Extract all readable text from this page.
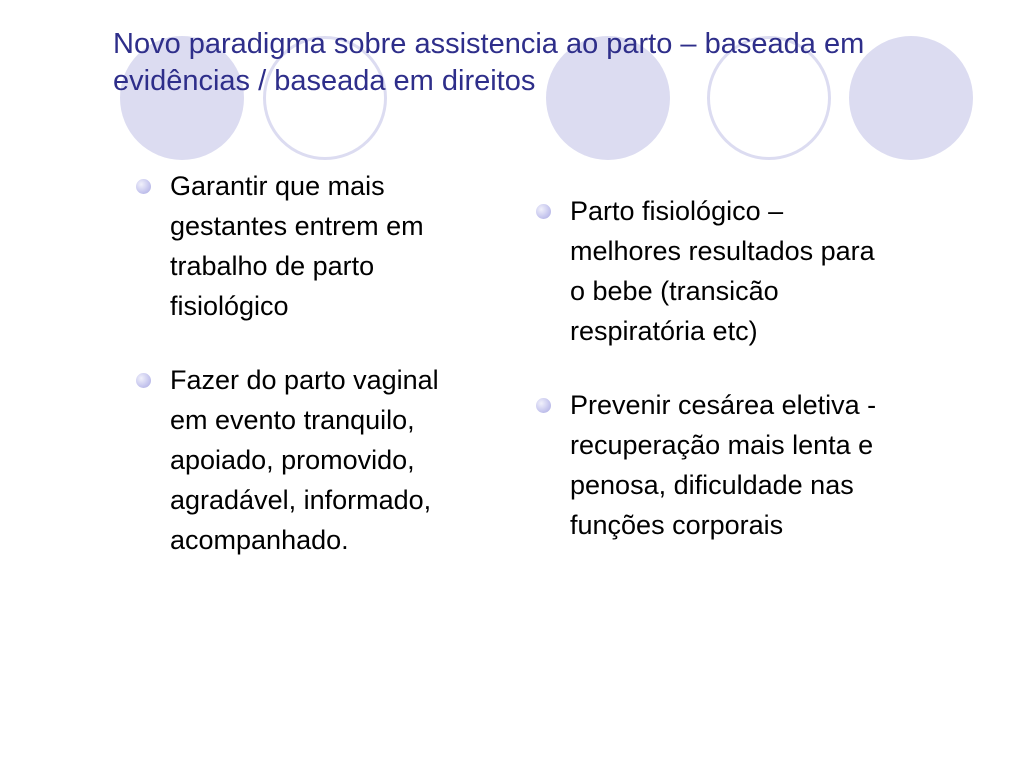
Novo paradigma sobre assistencia ao parto – baseada em
evidências / baseada em direitos
Garantir que mais
gestantes entrem em
trabalho de parto
fisiológico
Fazer do parto vaginal
em evento tranquilo,
apoiado, promovido,
agradável, informado,
acompanhado.
Parto fisiológico –
melhores resultados para
o bebe (transicão
respiratória etc)
Prevenir cesárea eletiva -
recuperação mais lenta e
penosa, dificuldade nas
funções corporais
